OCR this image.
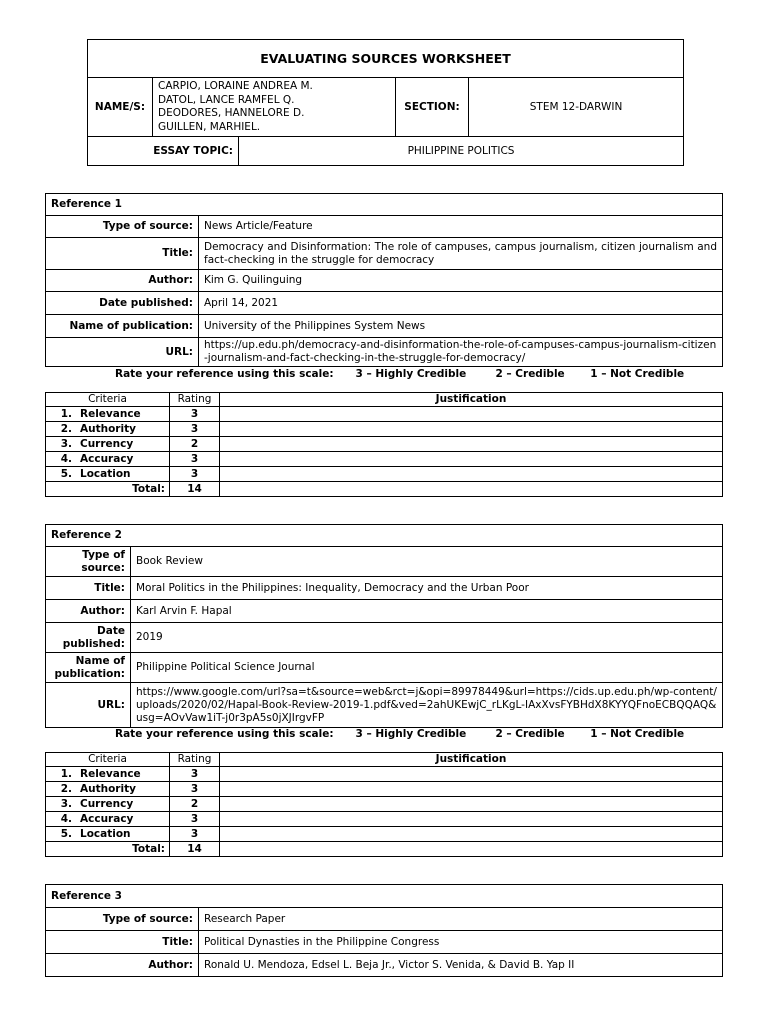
EVALUATING SOURCES WORKSHEET				
NAME/S:	CARPIO, LORAINE ANDREA M.
DATOL, LANCE RAMFEL Q.
DEODORES, HANNELORE D.
GUILLEN, MARHIEL.		SECTION:	STEM 12-DARWIN
ESSAY TOPIC:		PHILIPPINE POLITICS		
Reference 1	
Type of source:	News Article/Feature
Title:	Democracy and Disinformation: The role of campuses, campus journalism, citizen journalism and fact-checking in the struggle for democracy
Author:	Kim G. Quilinguing
Date published:	April 14, 2021
Name of publication:	University of the Philippines System News
URL:	https://up.edu.ph/democracy-and-disinformation-the-role-of-campuses-campus-journalism-citizen-journalism-and-fact-checking-in-the-struggle-for-democracy/
Rate your reference using this scale: 3 – Highly Credible	2 – Credible 1 – Not Credible
Criteria	Rating	Justification
1. Relevance	3	
2. Authority	3	
3. Currency	2	
4. Accuracy	3	
5. Location	3	
Total:	14	
Reference 2	
Type of source:	Book Review
Title:	Moral Politics in the Philippines: Inequality, Democracy and the Urban Poor
Author:	Karl Arvin F. Hapal
Date published:	2019
Name of publication:	Philippine Political Science Journal
URL:	https://www.google.com/url?sa=t&source=web&rct=j&opi=89978449&url=https://cids.up.edu.ph/wp-content/uploads/2020/02/Hapal-Book-Review-2019-1.pdf&ved=2ahUKEwjC_rLKgL-IAxXvsFYBHdX8KYYQFnoECBQQAQ&usg=AOvVaw1iT-j0r3pA5s0jXJIrgvFP
Rate your reference using this scale: 3 – Highly Credible	2 – Credible 1 – Not Credible
Criteria	Rating	Justification
1. Relevance	3	
2. Authority	3	
3. Currency	2	
4. Accuracy	3	
5. Location	3	
Total:	14	
Reference 3	
Type of source:	Research Paper
Title:	Political Dynasties in the Philippine Congress
Author:	Ronald U. Mendoza, Edsel L. Beja Jr., Victor S. Venida, & David B. Yap II
